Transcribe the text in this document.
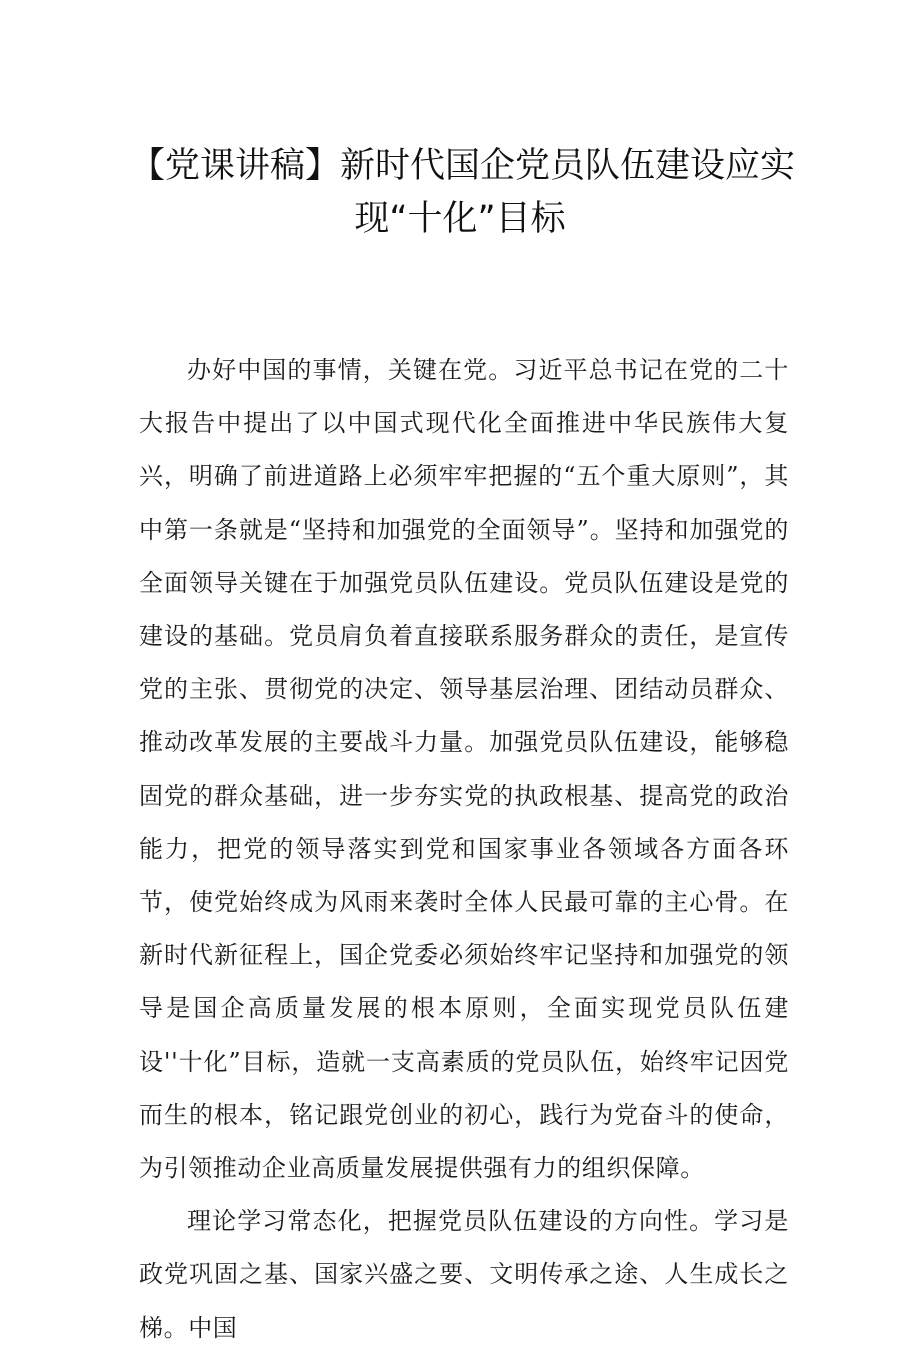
【党课讲稿】新时代国企党员队伍建设应实
现“十化”目标

办好中国的事情，关键在党。习近平总书记在党的二十大报告中提出了以中国式现代化全面推进中华民族伟大复兴，明确了前进道路上必须牢牢把握的“五个重大原则”，其中第一条就是“坚持和加强党的全面领导”。坚持和加强党的全面领导关键在于加强党员队伍建设。党员队伍建设是党的建设的基础。党员肩负着直接联系服务群众的责任，是宣传党的主张、贯彻党的决定、领导基层治理、团结动员群众、推动改革发展的主要战斗力量。加强党员队伍建设，能够稳固党的群众基础，进一步夯实党的执政根基、提高党的政治能力，把党的领导落实到党和国家事业各领域各方面各环节，使党始终成为风雨来袭时全体人民最可靠的主心骨。在新时代新征程上，国企党委必须始终牢记坚持和加强党的领导是国企高质量发展的根本原则，全面实现党员队伍建设''十化”目标，造就一支高素质的党员队伍，始终牢记因党而生的根本，铭记跟党创业的初心，践行为党奋斗的使命，为引领推动企业高质量发展提供强有力的组织保障。

理论学习常态化，把握党员队伍建设的方向性。学习是政党巩固之基、国家兴盛之要、文明传承之途、人生成长之梯。中国
